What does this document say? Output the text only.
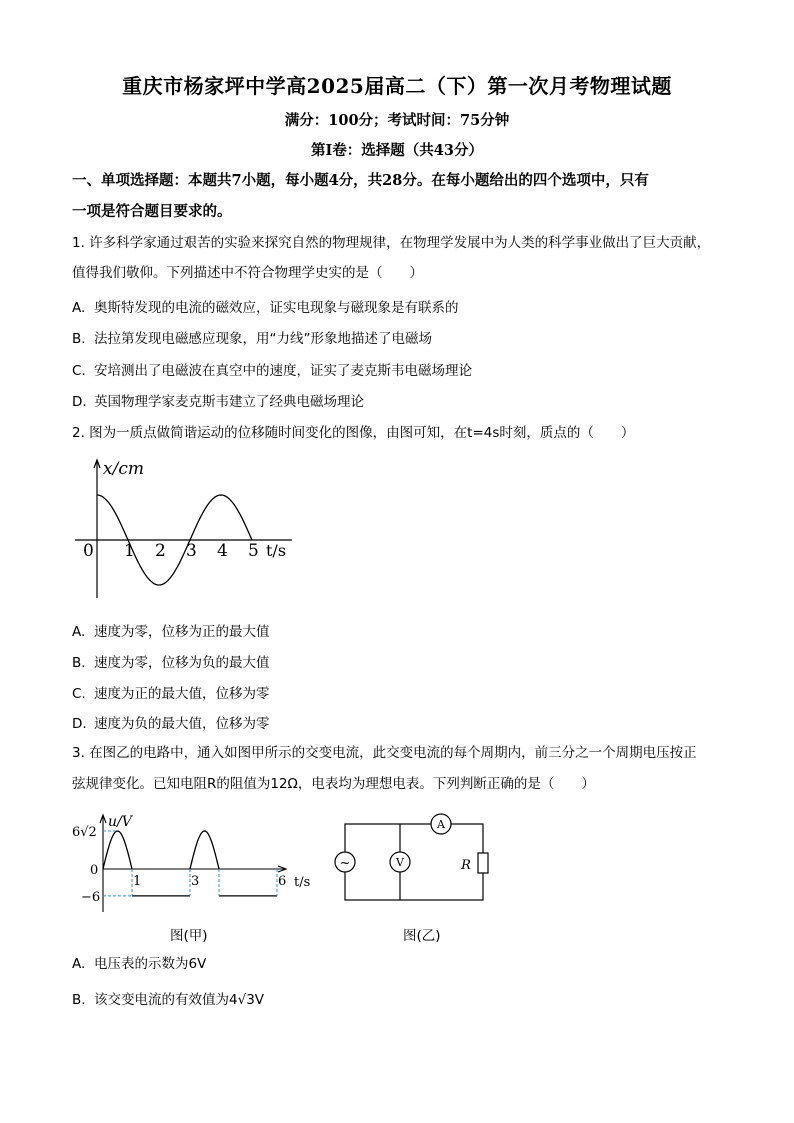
重庆市杨家坪中学高2025届高二（下）第一次月考物理试题
满分：100分；考试时间：75分钟
第Ⅰ卷：选择题（共43分）
一、单项选择题：本题共7小题，每小题4分，共28分。在每小题给出的四个选项中，只有
一项是符合题目要求的。
1. 许多科学家通过艰苦的实验来探究自然的物理规律，在物理学发展中为人类的科学事业做出了巨大贡献，
值得我们敬仰。下列描述中不符合物理学史实的是（　　）
A. 奥斯特发现的电流的磁效应，证实电现象与磁现象是有联系的
B. 法拉第发现电磁感应现象，用“力线”形象地描述了电磁场
C. 安培测出了电磁波在真空中的速度，证实了麦克斯韦电磁场理论
D. 英国物理学家麦克斯韦建立了经典电磁场理论
2. 图为一质点做简谐运动的位移随时间变化的图像，由图可知，在t=4s时刻，质点的（　　）
x/cm
t/s
0 1 2 3 4 5
A. 速度为零，位移为正的最大值
B. 速度为零，位移为负的最大值
C. 速度为正的最大值，位移为零
D. 速度为负的最大值，位移为零
3. 在图乙的电路中，通入如图甲所示的交变电流，此交变电流的每个周期内，前三分之一个周期电压按正
弦规律变化。已知电阻R的阻值为12Ω，电表均为理想电表。下列判断正确的是（　　）
u/V
t/s
6√2
0
−6
1	3	6
图(甲)
~	V
A
R
图(乙)
A. 电压表的示数为6V
B. 该交变电流的有效值为4√3V
